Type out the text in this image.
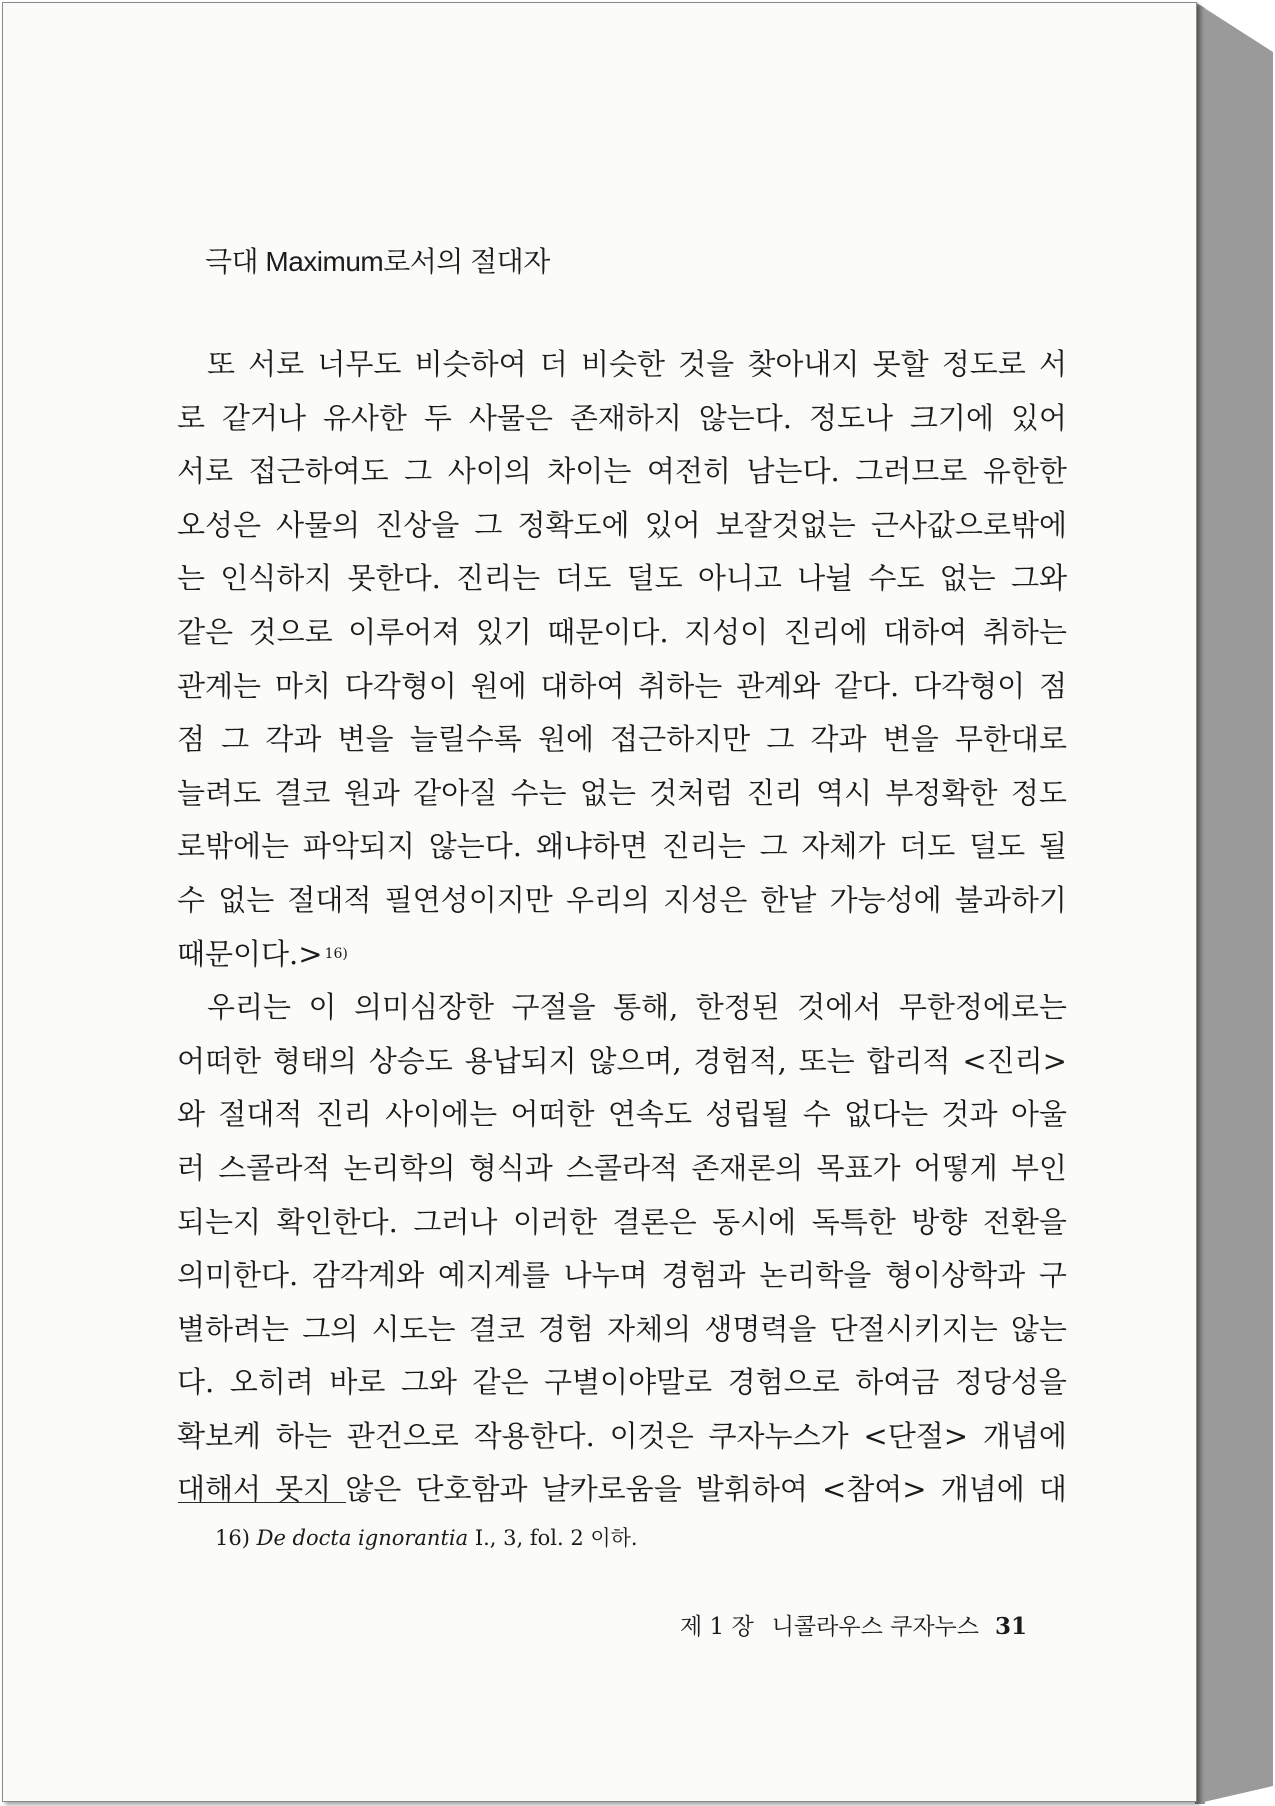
극대 Maximum로서의 절대자
또 서로 너무도 비슷하여 더 비슷한 것을 찾아내지 못할 정도로 서
로 같거나 유사한 두 사물은 존재하지 않는다. 정도나 크기에 있어
서로 접근하여도 그 사이의 차이는 여전히 남는다. 그러므로 유한한
오성은 사물의 진상을 그 정확도에 있어 보잘것없는 근사값으로밖에
는 인식하지 못한다. 진리는 더도 덜도 아니고 나뉠 수도 없는 그와
같은 것으로 이루어져 있기 때문이다. 지성이 진리에 대하여 취하는
관계는 마치 다각형이 원에 대하여 취하는 관계와 같다. 다각형이 점
점 그 각과 변을 늘릴수록 원에 접근하지만 그 각과 변을 무한대로
늘려도 결코 원과 같아질 수는 없는 것처럼 진리 역시 부정확한 정도
로밖에는 파악되지 않는다. 왜냐하면 진리는 그 자체가 더도 덜도 될
수 없는 절대적 필연성이지만 우리의 지성은 한낱 가능성에 불과하기
때문이다.> 16)
우리는 이 의미심장한 구절을 통해, 한정된 것에서 무한정에로는
어떠한 형태의 상승도 용납되지 않으며, 경험적, 또는 합리적 <진리>
와 절대적 진리 사이에는 어떠한 연속도 성립될 수 없다는 것과 아울
러 스콜라적 논리학의 형식과 스콜라적 존재론의 목표가 어떻게 부인
되는지 확인한다. 그러나 이러한 결론은 동시에 독특한 방향 전환을
의미한다. 감각계와 예지계를 나누며 경험과 논리학을 형이상학과 구
별하려는 그의 시도는 결코 경험 자체의 생명력을 단절시키지는 않는
다. 오히려 바로 그와 같은 구별이야말로 경험으로 하여금 정당성을
확보케 하는 관건으로 작용한다. 이것은 쿠자누스가 <단절> 개념에
대해서 못지 않은 단호함과 날카로움을 발휘하여 <참여> 개념에 대
16) De docta ignorantia I., 3, fol. 2 이하.
제 1 장 니콜라우스 쿠자누스 31
